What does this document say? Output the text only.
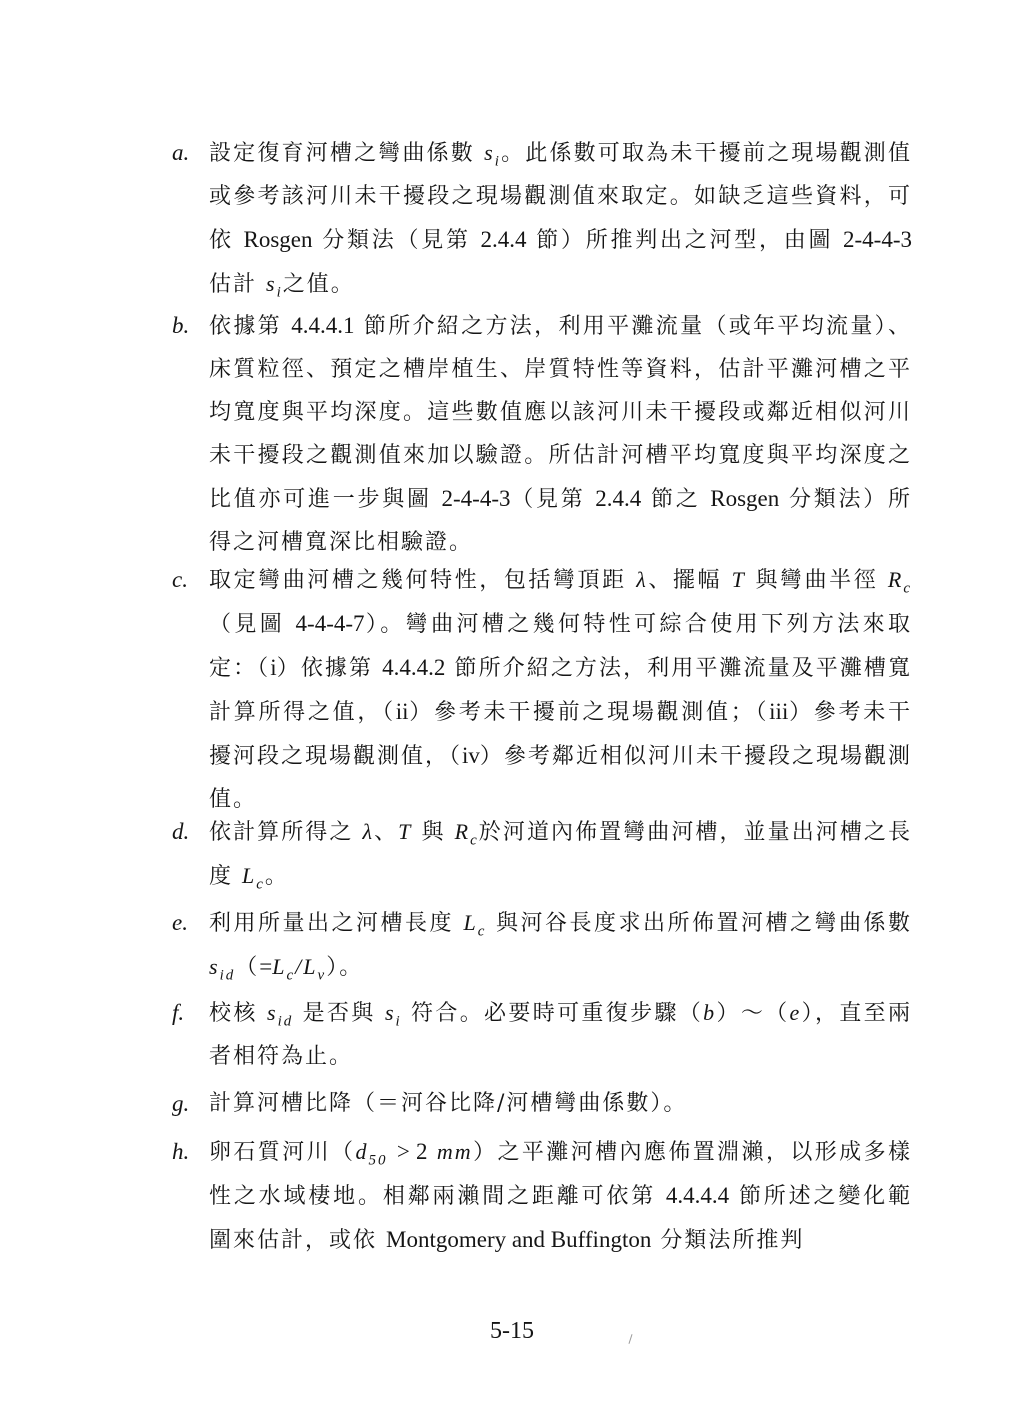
a. 設定復育河槽之彎曲係數 $s_i$。此係數可取為未干擾前之現場觀測值或參考該河川未干擾段之現場觀測值來取定。如缺乏這些資料，可依 Rosgen 分類法（見第 2.4.4 節）所推判出之河型，由圖 2-4-4-3 估計 $s_i$之值。
b. 依據第 4.4.4.1 節所介紹之方法，利用平灘流量（或年平均流量）、床質粒徑、預定之槽岸植生、岸質特性等資料，估計平灘河槽之平均寬度與平均深度。這些數值應以該河川未干擾段或鄰近相似河川未干擾段之觀測值來加以驗證。所估計河槽平均寬度與平均深度之比值亦可進一步與圖 2-4-4-3（見第 2.4.4 節之 Rosgen 分類法）所得之河槽寬深比相驗證。
c. 取定彎曲河槽之幾何特性，包括彎頂距 λ、擺幅 T 與彎曲半徑 $R_c$（見圖 4-4-4-7）。彎曲河槽之幾何特性可綜合使用下列方法來取定：（i）依據第 4.4.4.2 節所介紹之方法，利用平灘流量及平灘槽寬計算所得之值，（ii）參考未干擾前之現場觀測值；（iii）參考未干擾河段之現場觀測值，（iv）參考鄰近相似河川未干擾段之現場觀測值。
d. 依計算所得之 λ、T 與 $R_c$於河道內佈置彎曲河槽，並量出河槽之長度 $L_c$。
e. 利用所量出之河槽長度 $L_c$ 與河谷長度求出所佈置河槽之彎曲係數 $s_{id}(=L_c/L_v)$。
f. 校核 $s_{id}$ 是否與 $s_i$ 符合。必要時可重復步驟（b）～（e），直至兩者相符為止。
g. 計算河槽比降（＝河谷比降/河槽彎曲係數）。
h. 卵石質河川（$d_{50} > 2$ mm）之平灘河槽內應佈置淵瀨，以形成多樣性之水域棲地。相鄰兩瀨間之距離可依第 4.4.4.4 節所述之變化範圍來估計，或依 Montgomery and Buffington 分類法所推判
5-15
